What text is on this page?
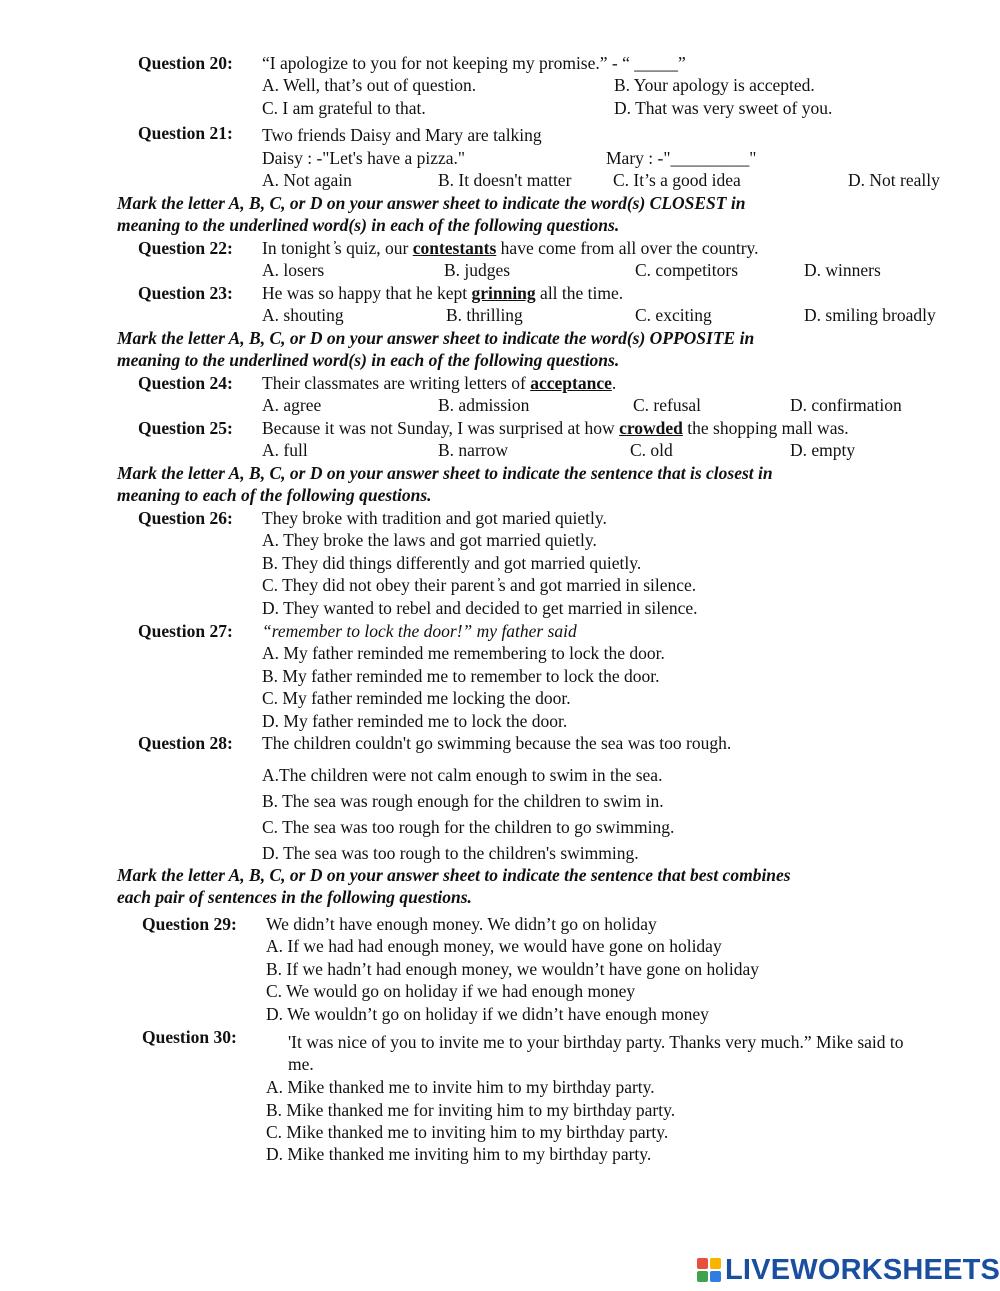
Question 20: “I apologize to you for not keeping my promise.” - “ _____”
A. Well, that’s out of question.	B. Your apology is accepted.
C. I am grateful to that.	D. That was very sweet of you.
Question 21: Two friends Daisy and Mary are talking
Daisy : -"Let's have a pizza."	Mary : -"_________"
A. Not again	B. It doesn't matter C. It’s a good idea	D. Not really
Mark the letter A, B, C, or D on your answer sheet to indicate the word(s) CLOSEST in
meaning to the underlined word(s) in each of the following questions.
Question 22: In tonight ̓s quiz, our contestants have come from all over the country.
A. losers	B. judges	C. competitors	D. winners
Question 23: He was so happy that he kept grinning all the time.
A. shouting	B. thrilling	C. exciting	D. smiling broadly
Mark the letter A, B, C, or D on your answer sheet to indicate the word(s) OPPOSITE in
meaning to the underlined word(s) in each of the following questions.
Question 24: Their classmates are writing letters of acceptance.
A. agree	B. admission	C. refusal	D. confirmation
Question 25: Because it was not Sunday, I was surprised at how crowded the shopping mall was.
A. full	B. narrow	C. old	D. empty
Mark the letter A, B, C, or D on your answer sheet to indicate the sentence that is closest in
meaning to each of the following questions.
Question 26: They broke with tradition and got maried quietly.
A. They broke the laws and got married quietly.
B. They did things differently and got married quietly.
C. They did not obey their parent ̓s and got married in silence.
D. They wanted to rebel and decided to get married in silence.
Question 27: “remember to lock the door!” my father said
A. My father reminded me remembering to lock the door.
B. My father reminded me to remember to lock the door.
C. My father reminded me locking the door.
D. My father reminded me to lock the door.
Question 28: The children couldn't go swimming because the sea was too rough.
A.The children were not calm enough to swim in the sea.
B. The sea was rough enough for the children to swim in.
C. The sea was too rough for the children to go swimming.
D. The sea was too rough to the children's swimming.
Mark the letter A, B, C, or D on your answer sheet to indicate the sentence that best combines
each pair of sentences in the following questions.
Question 29: We didn’t have enough money. We didn’t go on holiday
A. If we had had enough money, we would have gone on holiday
B. If we hadn’t had enough money, we wouldn’t have gone on holiday
C. We would go on holiday if we had enough money
D. We wouldn’t go on holiday if we didn’t have enough money
Question 30:	'It was nice of you to invite me to your birthday party. Thanks very much.” Mike said to
me.
A. Mike thanked me to invite him to my birthday party.
B. Mike thanked me for inviting him to my birthday party.
C. Mike thanked me to inviting him to my birthday party.
D. Mike thanked me inviting him to my birthday party.
LIVEWORKSHEETS
